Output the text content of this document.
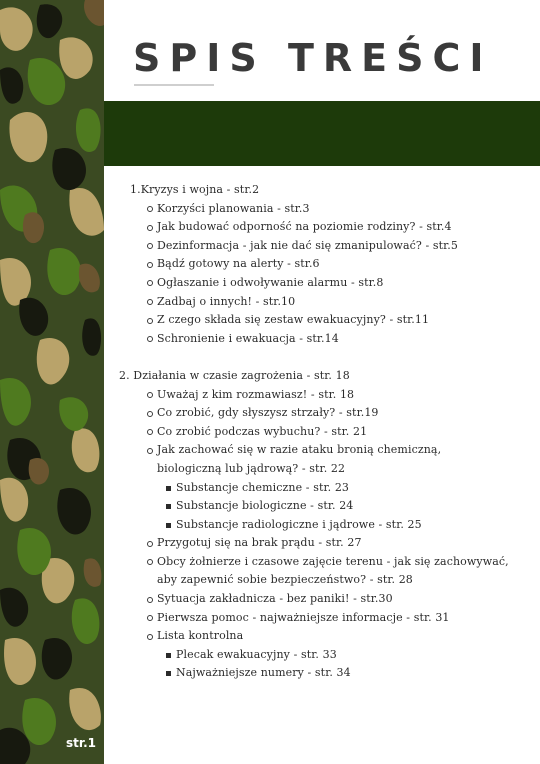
str.1
SPIS TREŚCI
1.Kryzys i wojna - str.2
Korzyści planowania - str.3
Jak budować odporność na poziomie rodziny? - str.4
Dezinformacja - jak nie dać się zmanipulować? - str.5
Bądź gotowy na alerty - str.6
Ogłaszanie i odwoływanie alarmu - str.8
Zadbaj o innych! - str.10
Z czego składa się zestaw ewakuacyjny? - str.11
Schronienie i ewakuacja - str.14
2. Działania w czasie zagrożenia - str. 18
Uważaj z kim rozmawiasz! - str. 18
Co zrobić, gdy słyszysz strzały? - str.19
Co zrobić podczas wybuchu? - str. 21
Jak zachować się w razie ataku bronią chemiczną, biologiczną lub jądrową? - str. 22
Substancje chemiczne - str. 23
Substancje biologiczne - str. 24
Substancje radiologiczne i jądrowe - str. 25
Przygotuj się na brak prądu - str. 27
Obcy żołnierze i czasowe zajęcie terenu - jak się zachowywać, aby zapewnić sobie bezpieczeństwo? - str. 28
Sytuacja zakładnicza - bez paniki! - str.30
Pierwsza pomoc - najważniejsze informacje - str. 31
Lista kontrolna
Plecak ewakuacyjny - str. 33
Najważniejsze numery - str. 34
